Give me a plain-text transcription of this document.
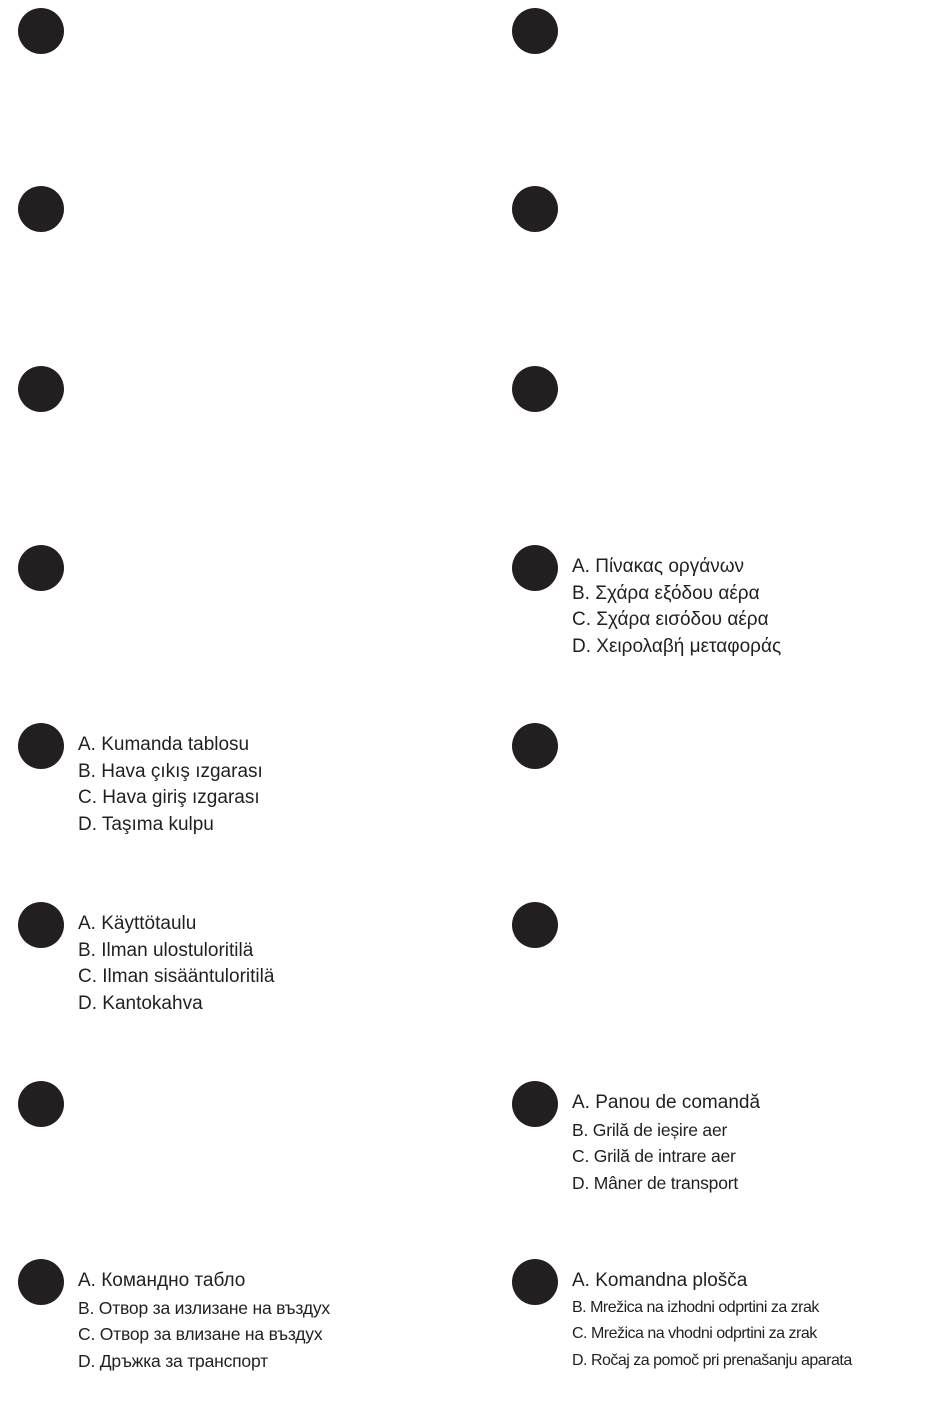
A. Πίνακας οργάνων
B. Σχάρα εξόδου αέρα
C. Σχάρα εισόδου αέρα
D. Χειρολαβή μεταφοράς
A. Kumanda tablosu
B. Hava çıkış ızgarası
C. Hava giriş ızgarası
D. Taşıma kulpu
A. Käyttötaulu
B. Ilman ulostuloritilä
C. Ilman sisääntuloritilä
D. Kantokahva
A. Panou de comandă
B. Grilă de ieșire aer
C. Grilă de intrare aer
D. Mâner de transport
A. Командно табло
B. Отвор за излизане на въздух
C. Отвор за влизане на въздух
D. Дръжка за транспорт
A. Komandna plošča
B. Mrežica na izhodni odprtini za zrak
C. Mrežica na vhodni odprtini za zrak
D. Ročaj za pomoč pri prenašanju aparata
